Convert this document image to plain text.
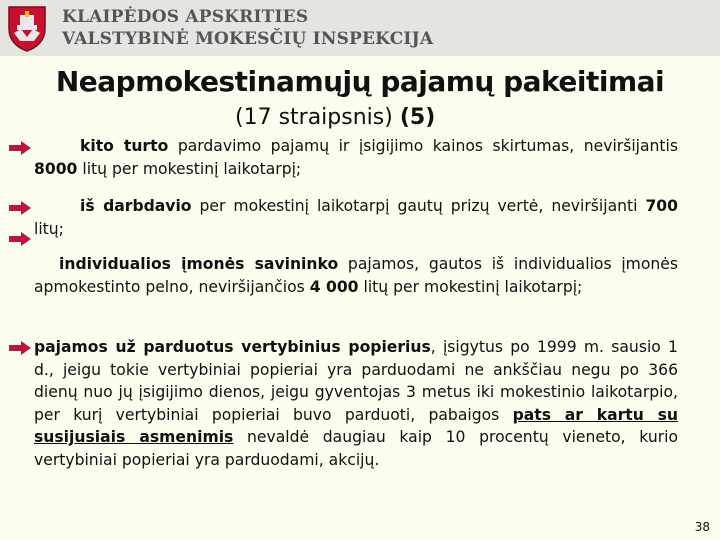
KLAIPĖDOS APSKRITIES
VALSTYBINĖ MOKESČIŲ INSPEKCIJA
Neapmokestinamųjų pajamų pakeitimai
(17 straipsnis) (5)
kito turto pardavimo pajamų ir įsigijimo kainos skirtumas, neviršijantis 8000 litų per mokestinį laikotarpį;
iš darbdavio per mokestinį laikotarpį gautų prizų vertė, neviršijanti 700 litų;
individualios įmonės savininko pajamos, gautos iš individualios įmonės apmokestinto pelno, neviršijančios 4 000 litų per mokestinį laikotarpį;
pajamos už parduotus vertybinius popierius, įsigytus po 1999 m. sausio 1 d., jeigu tokie vertybiniai popieriai yra parduodami ne ankščiau negu po 366 dienų nuo jų įsigijimo dienos, jeigu gyventojas 3 metus iki mokestinio laikotarpio, per kurį vertybiniai popieriai buvo parduoti, pabaigos pats ar kartu su susijusiais asmenimis nevaldė daugiau kaip 10 procentų vieneto, kurio vertybiniai popieriai yra parduodami, akcijų.
38
